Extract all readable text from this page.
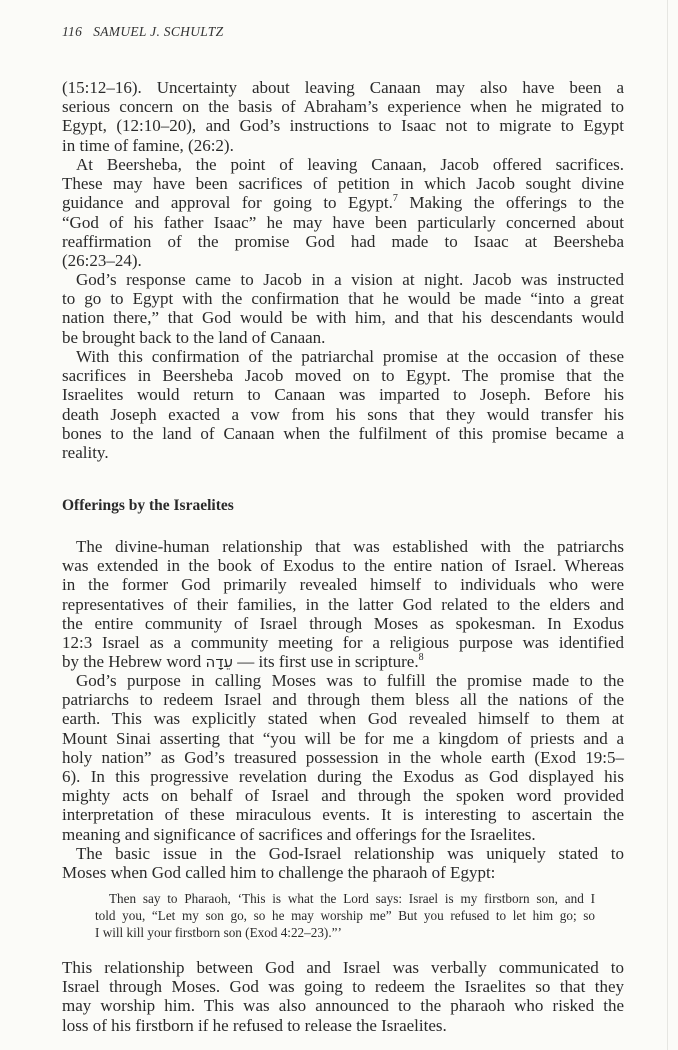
116 SAMUEL J. SCHULTZ
(15:12–16). Uncertainty about leaving Canaan may also have been a
serious concern on the basis of Abraham’s experience when he migrated to
Egypt, (12:10–20), and God’s instructions to Isaac not to migrate to Egypt
in time of famine, (26:2).
At Beersheba, the point of leaving Canaan, Jacob offered sacrifices.
These may have been sacrifices of petition in which Jacob sought divine
guidance and approval for going to Egypt.$^7$ Making the offerings to the
“God of his father Isaac” he may have been particularly concerned about
reaffirmation of the promise God had made to Isaac at Beersheba
(26:23–24).
God’s response came to Jacob in a vision at night. Jacob was instructed
to go to Egypt with the confirmation that he would be made “into a great
nation there,” that God would be with him, and that his descendants would
be brought back to the land of Canaan.
With this confirmation of the patriarchal promise at the occasion of these
sacrifices in Beersheba Jacob moved on to Egypt. The promise that the
Israelites would return to Canaan was imparted to Joseph. Before his
death Joseph exacted a vow from his sons that they would transfer his
bones to the land of Canaan when the fulfilment of this promise became a
reality.
Offerings by the Israelites
The divine-human relationship that was established with the patriarchs
was extended in the book of Exodus to the entire nation of Israel. Whereas
in the former God primarily revealed himself to individuals who were
representatives of their families, in the latter God related to the elders and
the entire community of Israel through Moses as spokesman. In Exodus
12:3 Israel as a community meeting for a religious purpose was identified
by the Hebrew word עֵדָה — its first use in scripture.$^8$
God’s purpose in calling Moses was to fulfill the promise made to the
patriarchs to redeem Israel and through them bless all the nations of the
earth. This was explicitly stated when God revealed himself to them at
Mount Sinai asserting that “you will be for me a kingdom of priests and a
holy nation” as God’s treasured possession in the whole earth (Exod 19:5–
6). In this progressive revelation during the Exodus as God displayed his
mighty acts on behalf of Israel and through the spoken word provided
interpretation of these miraculous events. It is interesting to ascertain the
meaning and significance of sacrifices and offerings for the Israelites.
The basic issue in the God-Israel relationship was uniquely stated to
Moses when God called him to challenge the pharaoh of Egypt:
Then say to Pharaoh, ‘This is what the Lord says: Israel is my firstborn son, and I
told you, “Let my son go, so he may worship me” But you refused to let him go; so
I will kill your firstborn son (Exod 4:22–23).”’
This relationship between God and Israel was verbally communicated to
Israel through Moses. God was going to redeem the Israelites so that they
may worship him. This was also announced to the pharaoh who risked the
loss of his firstborn if he refused to release the Israelites.
